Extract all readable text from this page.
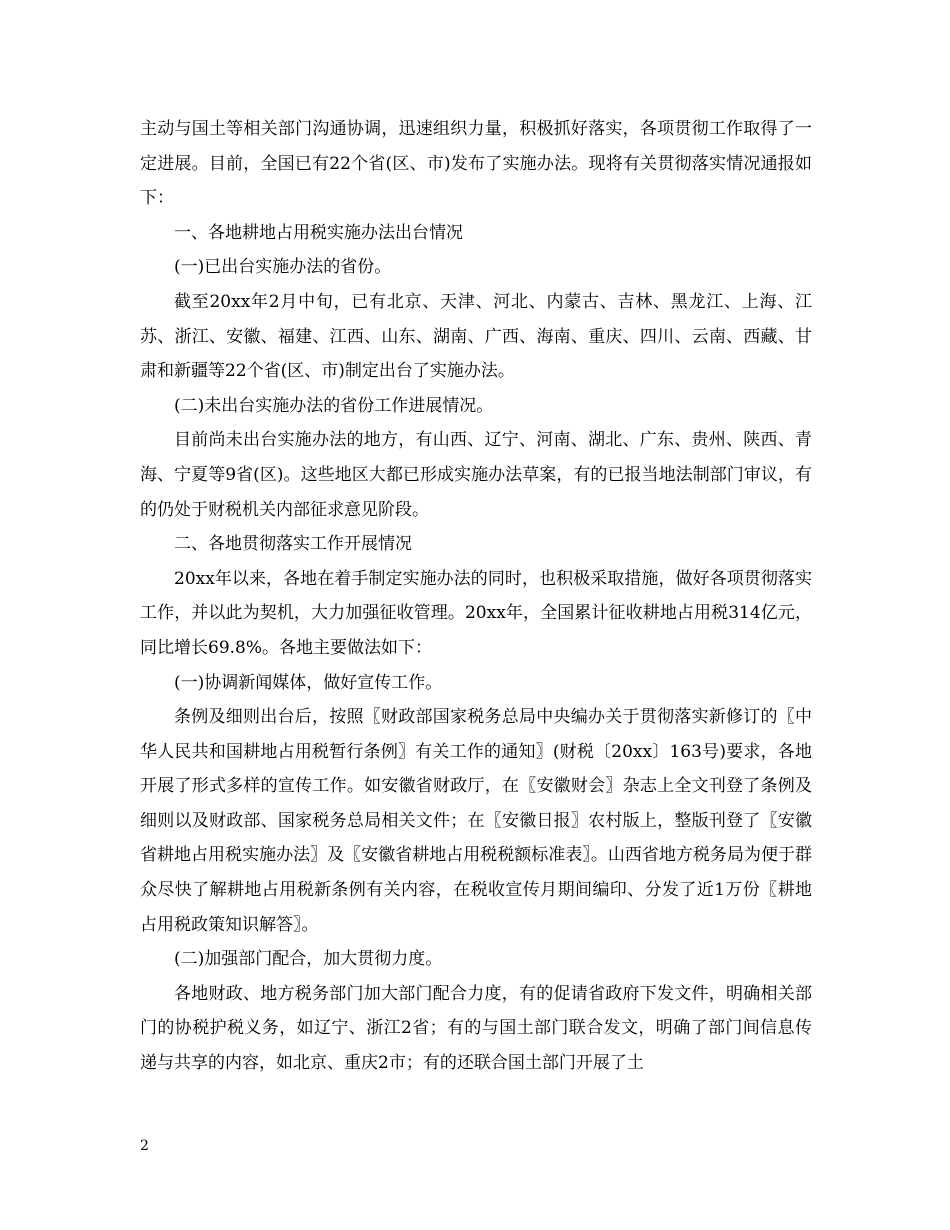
主动与国土等相关部门沟通协调，迅速组织力量，积极抓好落实，各项贯彻工作取得了一定进展。目前，全国已有22个省(区、市)发布了实施办法。现将有关贯彻落实情况通报如下：

一、各地耕地占用税实施办法出台情况

(一)已出台实施办法的省份。

截至20xx年2月中旬，已有北京、天津、河北、内蒙古、吉林、黑龙江、上海、江苏、浙江、安徽、福建、江西、山东、湖南、广西、海南、重庆、四川、云南、西藏、甘肃和新疆等22个省(区、市)制定出台了实施办法。

(二)未出台实施办法的省份工作进展情况。

目前尚未出台实施办法的地方，有山西、辽宁、河南、湖北、广东、贵州、陕西、青海、宁夏等9省(区)。这些地区大都已形成实施办法草案，有的已报当地法制部门审议，有的仍处于财税机关内部征求意见阶段。

二、各地贯彻落实工作开展情况

20xx年以来，各地在着手制定实施办法的同时，也积极采取措施，做好各项贯彻落实工作，并以此为契机，大力加强征收管理。20xx年，全国累计征收耕地占用税314亿元，同比增长69.8%。各地主要做法如下：

(一)协调新闻媒体，做好宣传工作。

条例及细则出台后，按照〖财政部国家税务总局中央编办关于贯彻落实新修订的〖中华人民共和国耕地占用税暂行条例〗有关工作的通知〗(财税〔20xx〕163号)要求，各地开展了形式多样的宣传工作。如安徽省财政厅，在〖安徽财会〗杂志上全文刊登了条例及细则以及财政部、国家税务总局相关文件；在〖安徽日报〗农村版上，整版刊登了〖安徽省耕地占用税实施办法〗及〖安徽省耕地占用税税额标准表〗。山西省地方税务局为便于群众尽快了解耕地占用税新条例有关内容，在税收宣传月期间编印、分发了近1万份〖耕地占用税政策知识解答〗。

(二)加强部门配合，加大贯彻力度。

各地财政、地方税务部门加大部门配合力度，有的促请省政府下发文件，明确相关部门的协税护税义务，如辽宁、浙江2省；有的与国土部门联合发文，明确了部门间信息传递与共享的内容，如北京、重庆2市；有的还联合国土部门开展了土

2
